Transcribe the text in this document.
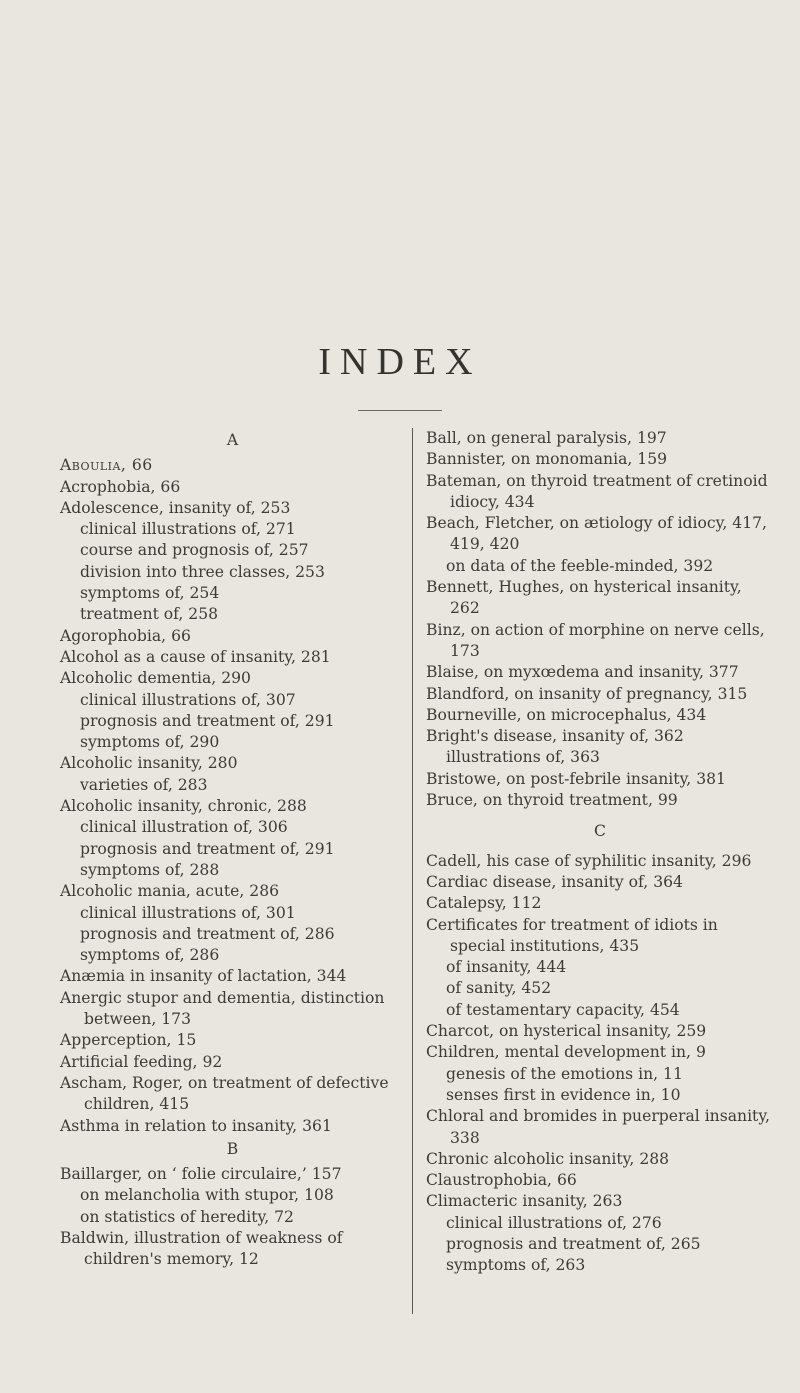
INDEX
A
Aboulia, 66
Acrophobia, 66
Adolescence, insanity of, 253
clinical illustrations of, 271
course and prognosis of, 257
division into three classes, 253
symptoms of, 254
treatment of, 258
Agorophobia, 66
Alcohol as a cause of insanity, 281
Alcoholic dementia, 290
clinical illustrations of, 307
prognosis and treatment of, 291
symptoms of, 290
Alcoholic insanity, 280
varieties of, 283
Alcoholic insanity, chronic, 288
clinical illustration of, 306
prognosis and treatment of, 291
symptoms of, 288
Alcoholic mania, acute, 286
clinical illustrations of, 301
prognosis and treatment of, 286
symptoms of, 286
Anæmia in insanity of lactation, 344
Anergic stupor and dementia, distinction between, 173
Apperception, 15
Artificial feeding, 92
Ascham, Roger, on treatment of defective children, 415
Asthma in relation to insanity, 361
B
Baillarger, on ‘ folie circulaire,’ 157
on melancholia with stupor, 108
on statistics of heredity, 72
Baldwin, illustration of weakness of children's memory, 12
Ball, on general paralysis, 197
Bannister, on monomania, 159
Bateman, on thyroid treatment of cretinoid idiocy, 434
Beach, Fletcher, on ætiology of idiocy, 417, 419, 420
on data of the feeble-minded, 392
Bennett, Hughes, on hysterical insanity, 262
Binz, on action of morphine on nerve cells, 173
Blaise, on myxœdema and insanity, 377
Blandford, on insanity of pregnancy, 315
Bourneville, on microcephalus, 434
Bright's disease, insanity of, 362
illustrations of, 363
Bristowe, on post-febrile insanity, 381
Bruce, on thyroid treatment, 99
C
Cadell, his case of syphilitic insanity, 296
Cardiac disease, insanity of, 364
Catalepsy, 112
Certificates for treatment of idiots in special institutions, 435
of insanity, 444
of sanity, 452
of testamentary capacity, 454
Charcot, on hysterical insanity, 259
Children, mental development in, 9
genesis of the emotions in, 11
senses first in evidence in, 10
Chloral and bromides in puerperal insanity, 338
Chronic alcoholic insanity, 288
Claustrophobia, 66
Climacteric insanity, 263
clinical illustrations of, 276
prognosis and treatment of, 265
symptoms of, 263
